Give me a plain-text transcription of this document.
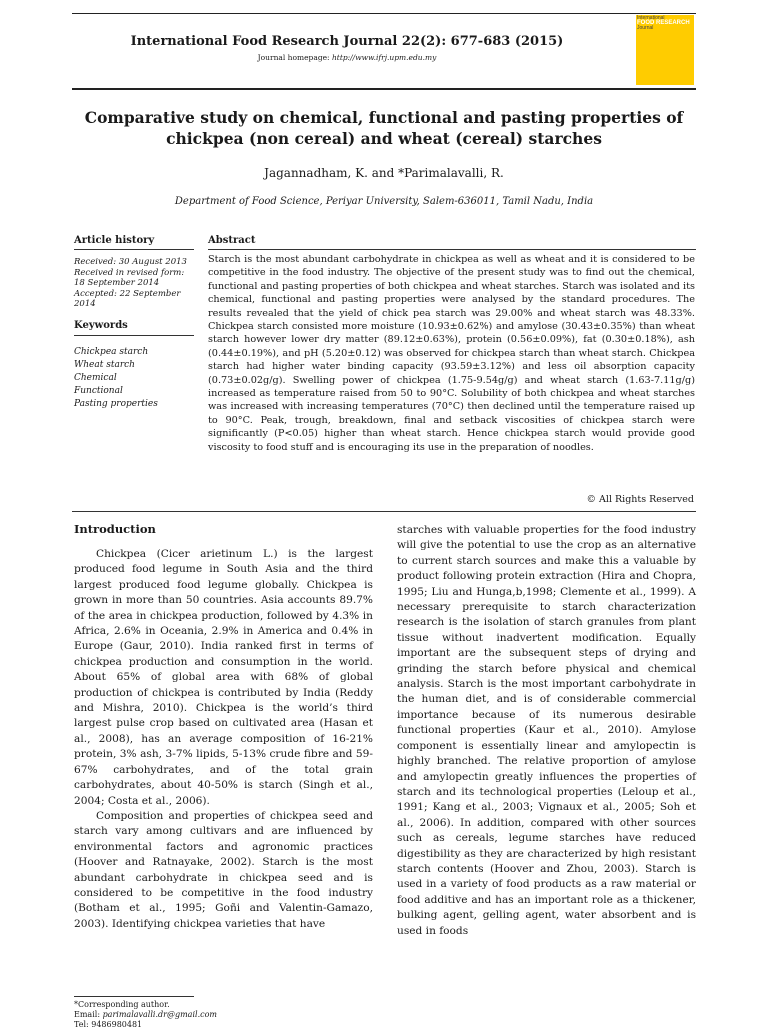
International Food Research Journal 22(2): 677-683 (2015)
Journal homepage: http://www.ifrj.upm.edu.my
International
FOOD RESEARCH
Journal
Comparative study on chemical, functional and pasting properties of chickpea (non cereal) and wheat (cereal) starches
Jagannadham, K. and *Parimalavalli, R.
Department of Food Science, Periyar University, Salem-636011, Tamil Nadu, India
Article history
Received: 30 August 2013
Received in revised form:
18 September 2014
Accepted: 22 September 2014
Keywords
Chickpea starch
Wheat starch
Chemical
Functional
Pasting properties
Abstract
Starch is the most abundant carbohydrate in chickpea as well as wheat and it is considered to be competitive in the food industry. The objective of the present study was to find out the chemical, functional and pasting properties of both chickpea and wheat starches. Starch was isolated and its chemical, functional and pasting properties were analysed by the standard procedures. The results revealed that the yield of chick pea starch was 29.00% and wheat starch was 48.33%. Chickpea starch consisted more moisture (10.93±0.62%) and amylose (30.43±0.35%) than wheat starch however lower dry matter (89.12±0.63%), protein (0.56±0.09%), fat (0.30±0.18%), ash (0.44±0.19%), and pH (5.20±0.12) was observed for chickpea starch than wheat starch. Chickpea starch had higher water binding capacity (93.59±3.12%) and less oil absorption capacity (0.73±0.02g/g). Swelling power of chickpea (1.75-9.54g/g) and wheat starch (1.63-7.11g/g) increased as temperature raised from 50 to 90°C. Solubility of both chickpea and wheat starches was increased with increasing temperatures (70°C) then declined until the temperature raised up to 90°C. Peak, trough, breakdown, final and setback viscosities of chickpea starch were significantly (P<0.05) higher than wheat starch. Hence chickpea starch would provide good viscosity to food stuff and is encouraging its use in the preparation of noodles.
© All Rights Reserved
Introduction

Chickpea (Cicer arietinum L.) is the largest produced food legume in South Asia and the third largest produced food legume globally. Chickpea is grown in more than 50 countries. Asia accounts 89.7% of the area in chickpea production, followed by 4.3% in Africa, 2.6% in Oceania, 2.9% in America and 0.4% in Europe (Gaur, 2010). India ranked first in terms of chickpea production and consumption in the world. About 65% of global area with 68% of global production of chickpea is contributed by India (Reddy and Mishra, 2010). Chickpea is the world’s third largest pulse crop based on cultivated area (Hasan et al., 2008), has an average composition of 16-21% protein, 3% ash, 3-7% lipids, 5-13% crude fibre and 59-67% carbohydrates, and of the total grain carbohydrates, about 40-50% is starch (Singh et al., 2004; Costa et al., 2006).

Composition and properties of chickpea seed and starch vary among cultivars and are influenced by environmental factors and agronomic practices (Hoover and Ratnayake, 2002). Starch is the most abundant carbohydrate in chickpea seed and is considered to be competitive in the food industry (Botham et al., 1995; Goñi and Valentin-Gamazo, 2003). Identifying chickpea varieties that have

starches with valuable properties for the food industry will give the potential to use the crop as an alternative to current starch sources and make this a valuable by product following protein extraction (Hira and Chopra, 1995; Liu and Hunga,b,1998; Clemente et al., 1999). A necessary prerequisite to starch characterization research is the isolation of starch granules from plant tissue without inadvertent modification. Equally important are the subsequent steps of drying and grinding the starch before physical and chemical analysis. Starch is the most important carbohydrate in the human diet, and is of considerable commercial importance because of its numerous desirable functional properties (Kaur et al., 2010). Amylose component is essentially linear and amylopectin is highly branched. The relative proportion of amylose and amylopectin greatly influences the properties of starch and its technological properties (Leloup et al., 1991; Kang et al., 2003; Vignaux et al., 2005; Soh et al., 2006). In addition, compared with other sources such as cereals, legume starches have reduced digestibility as they are characterized by high resistant starch contents (Hoover and Zhou, 2003). Starch is used in a variety of food products as a raw material or food additive and has an important role as a thickener, bulking agent, gelling agent, water absorbent and is used in foods

*Corresponding author.
Email: parimalavalli.dr@gmail.com
Tel: 9486980481
